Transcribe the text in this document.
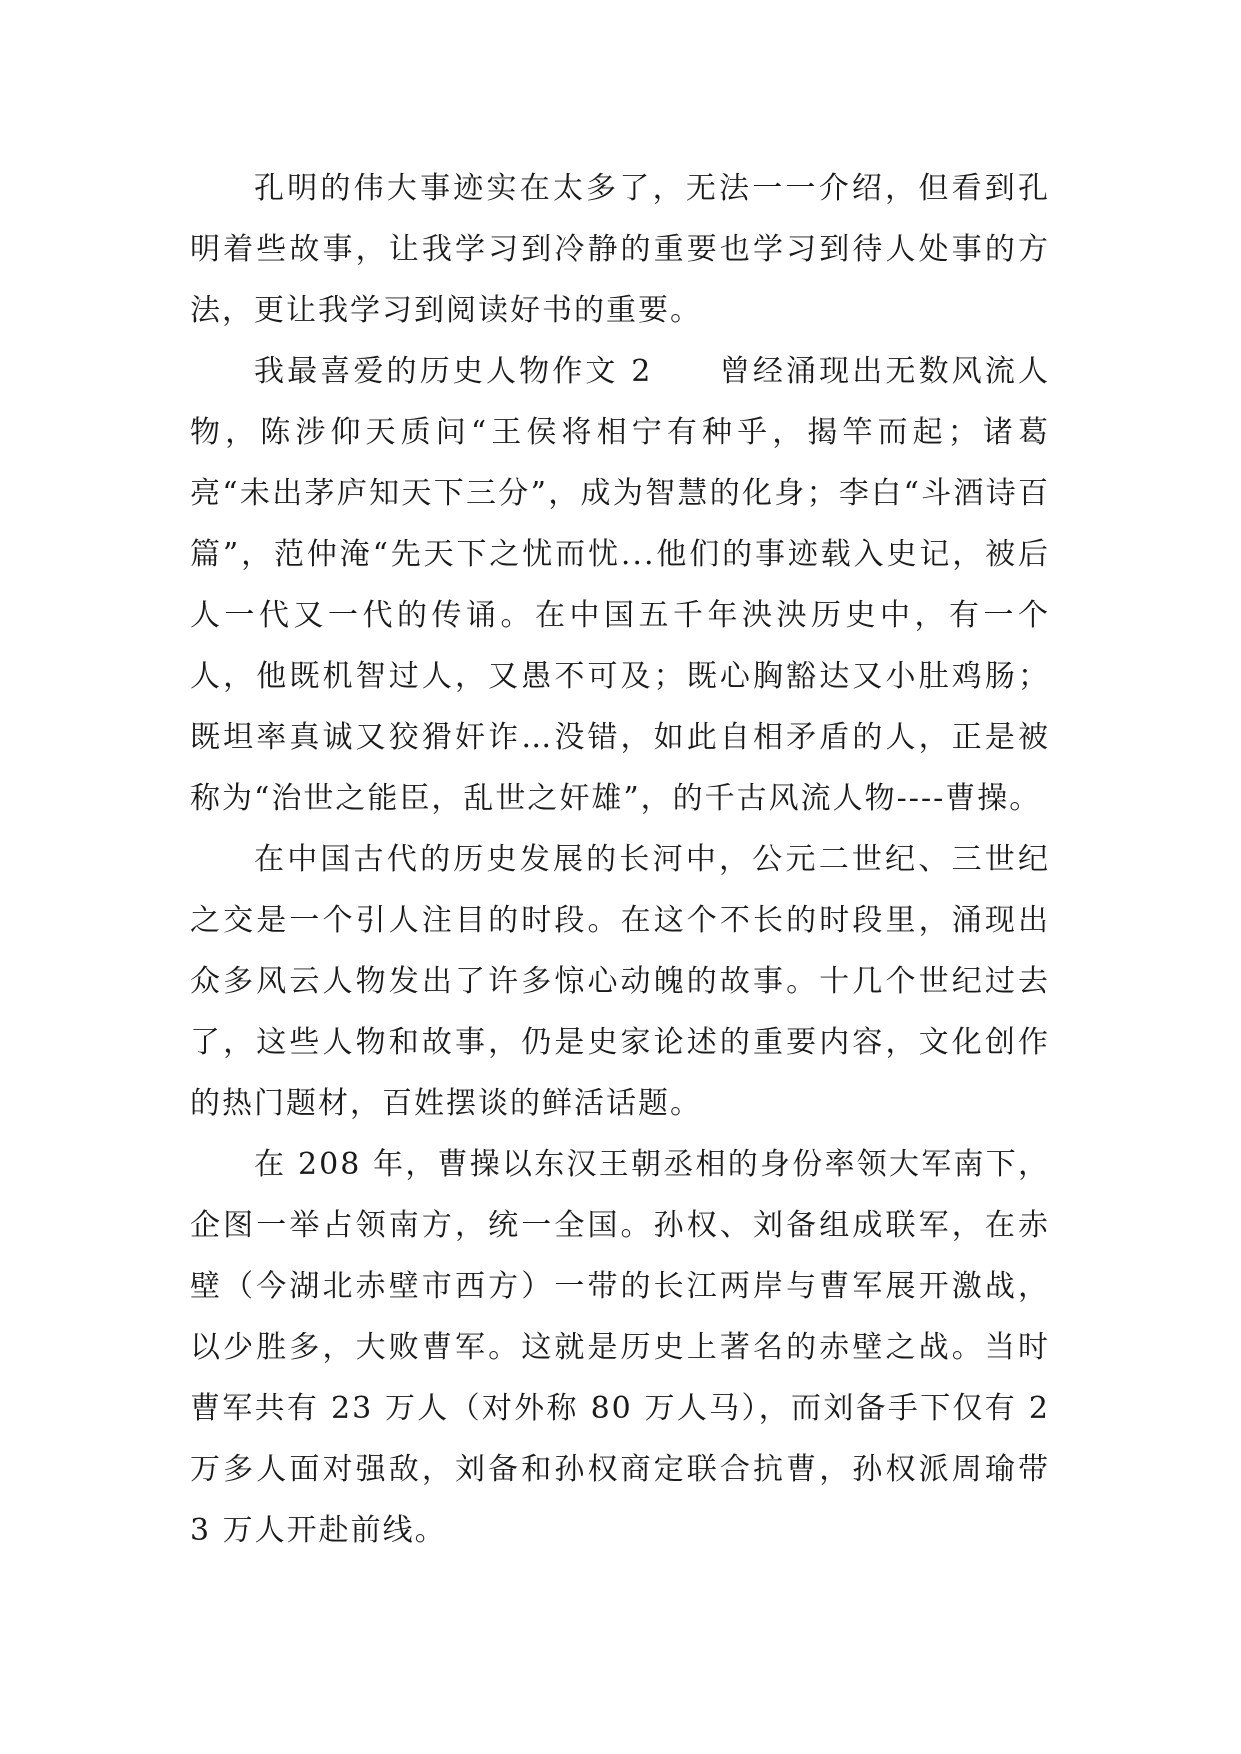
孔明的伟大事迹实在太多了，无法一一介绍，但看到孔明着些故事，让我学习到冷静的重要也学习到待人处事的方法，更让我学习到阅读好书的重要。

我最喜爱的历史人物作文 2　　曾经涌现出无数风流人物，陈涉仰天质问“王侯将相宁有种乎，揭竿而起；诸葛亮“未出茅庐知天下三分”，成为智慧的化身；李白“斗酒诗百篇”，范仲淹“先天下之忧而忧...他们的事迹载入史记，被后人一代又一代的传诵。在中国五千年泱泱历史中，有一个人，他既机智过人，又愚不可及；既心胸豁达又小肚鸡肠；既坦率真诚又狡猾奸诈…没错，如此自相矛盾的人，正是被称为“治世之能臣，乱世之奸雄”，的千古风流人物----曹操。

在中国古代的历史发展的长河中，公元二世纪、三世纪之交是一个引人注目的时段。在这个不长的时段里，涌现出众多风云人物发出了许多惊心动魄的故事。十几个世纪过去了，这些人物和故事，仍是史家论述的重要内容，文化创作的热门题材，百姓摆谈的鲜活话题。

在 208 年，曹操以东汉王朝丞相的身份率领大军南下，企图一举占领南方，统一全国。孙权、刘备组成联军，在赤壁（今湖北赤壁市西方）一带的长江两岸与曹军展开激战，以少胜多，大败曹军。这就是历史上著名的赤壁之战。当时曹军共有 23 万人（对外称 80 万人马），而刘备手下仅有 2 万多人面对强敌，刘备和孙权商定联合抗曹，孙权派周瑜带 3 万人开赴前线。
